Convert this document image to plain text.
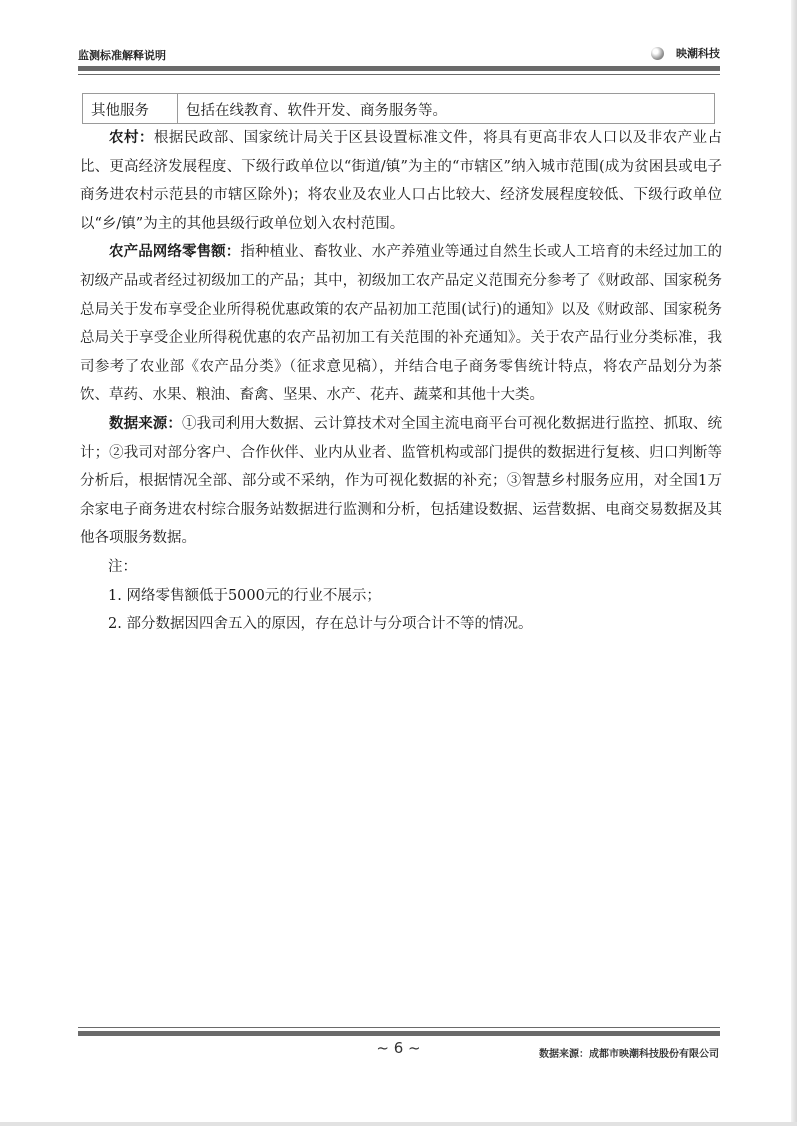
监测标准解释说明	映潮科技
其他服务	包括在线教育、软件开发、商务服务等。

农村：根据民政部、国家统计局关于区县设置标准文件，将具有更高非农人口以及非农产业占比、更高经济发展程度、下级行政单位以“街道/镇”为主的“市辖区”纳入城市范围(成为贫困县或电子商务进农村示范县的市辖区除外)；将农业及农业人口占比较大、经济发展程度较低、下级行政单位以“乡/镇”为主的其他县级行政单位划入农村范围。

农产品网络零售额：指种植业、畜牧业、水产养殖业等通过自然生长或人工培育的未经过加工的初级产品或者经过初级加工的产品；其中，初级加工农产品定义范围充分参考了《财政部、国家税务总局关于发布享受企业所得税优惠政策的农产品初加工范围(试行)的通知》以及《财政部、国家税务总局关于享受企业所得税优惠的农产品初加工有关范围的补充通知》。关于农产品行业分类标准，我司参考了农业部《农产品分类》（征求意见稿），并结合电子商务零售统计特点，将农产品划分为茶饮、草药、水果、粮油、畜禽、坚果、水产、花卉、蔬菜和其他十大类。

数据来源：①我司利用大数据、云计算技术对全国主流电商平台可视化数据进行监控、抓取、统计；②我司对部分客户、合作伙伴、业内从业者、监管机构或部门提供的数据进行复核、归口判断等分析后，根据情况全部、部分或不采纳，作为可视化数据的补充；③智慧乡村服务应用，对全国1万余家电子商务进农村综合服务站数据进行监测和分析，包括建设数据、运营数据、电商交易数据及其他各项服务数据。

注：

1. 网络零售额低于5000元的行业不展示；

2. 部分数据因四舍五入的原因，存在总计与分项合计不等的情况。

~ 6 ~	数据来源：成都市映潮科技股份有限公司
